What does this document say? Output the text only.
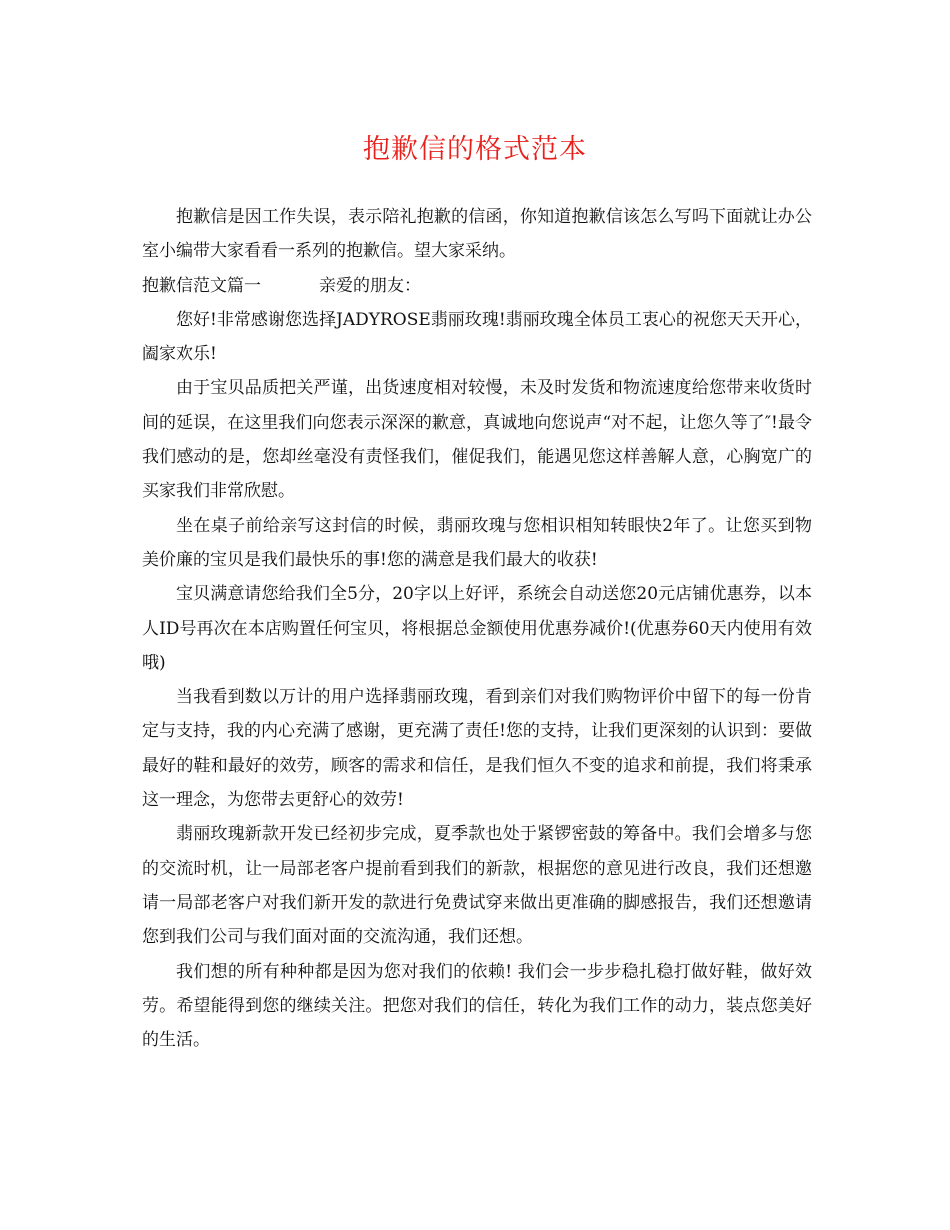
抱歉信的格式范本

抱歉信是因工作失误，表示陪礼抱歉的信函，你知道抱歉信该怎么写吗下面就让办公室小编带大家看看一系列的抱歉信。望大家采纳。

抱歉信范文篇一	亲爱的朋友：

您好!非常感谢您选择JADYROSE翡丽玫瑰!翡丽玫瑰全体员工衷心的祝您天天开心，阖家欢乐!

由于宝贝品质把关严谨，出货速度相对较慢，未及时发货和物流速度给您带来收货时间的延误，在这里我们向您表示深深的歉意，真诚地向您说声“对不起，让您久等了″!最令我们感动的是，您却丝毫没有责怪我们，催促我们，能遇见您这样善解人意，心胸宽广的买家我们非常欣慰。

坐在桌子前给亲写这封信的时候，翡丽玫瑰与您相识相知转眼快2年了。让您买到物美价廉的宝贝是我们最快乐的事!您的满意是我们最大的收获!

宝贝满意请您给我们全5分，20字以上好评，系统会自动送您20元店铺优惠券，以本人ID号再次在本店购置任何宝贝，将根据总金额使用优惠券减价!(优惠券60天内使用有效哦)

当我看到数以万计的用户选择翡丽玫瑰，看到亲们对我们购物评价中留下的每一份肯定与支持，我的内心充满了感谢，更充满了责任!您的支持，让我们更深刻的认识到：要做最好的鞋和最好的效劳，顾客的需求和信任，是我们恒久不变的追求和前提，我们将秉承这一理念，为您带去更舒心的效劳!

翡丽玫瑰新款开发已经初步完成，夏季款也处于紧锣密鼓的筹备中。我们会增多与您的交流时机，让一局部老客户提前看到我们的新款，根据您的意见进行改良，我们还想邀请一局部老客户对我们新开发的款进行免费试穿来做出更准确的脚感报告，我们还想邀请您到我们公司与我们面对面的交流沟通，我们还想。

我们想的所有种种都是因为您对我们的依赖! 我们会一步步稳扎稳打做好鞋，做好效劳。希望能得到您的继续关注。把您对我们的信任，转化为我们工作的动力，装点您美好的生活。
